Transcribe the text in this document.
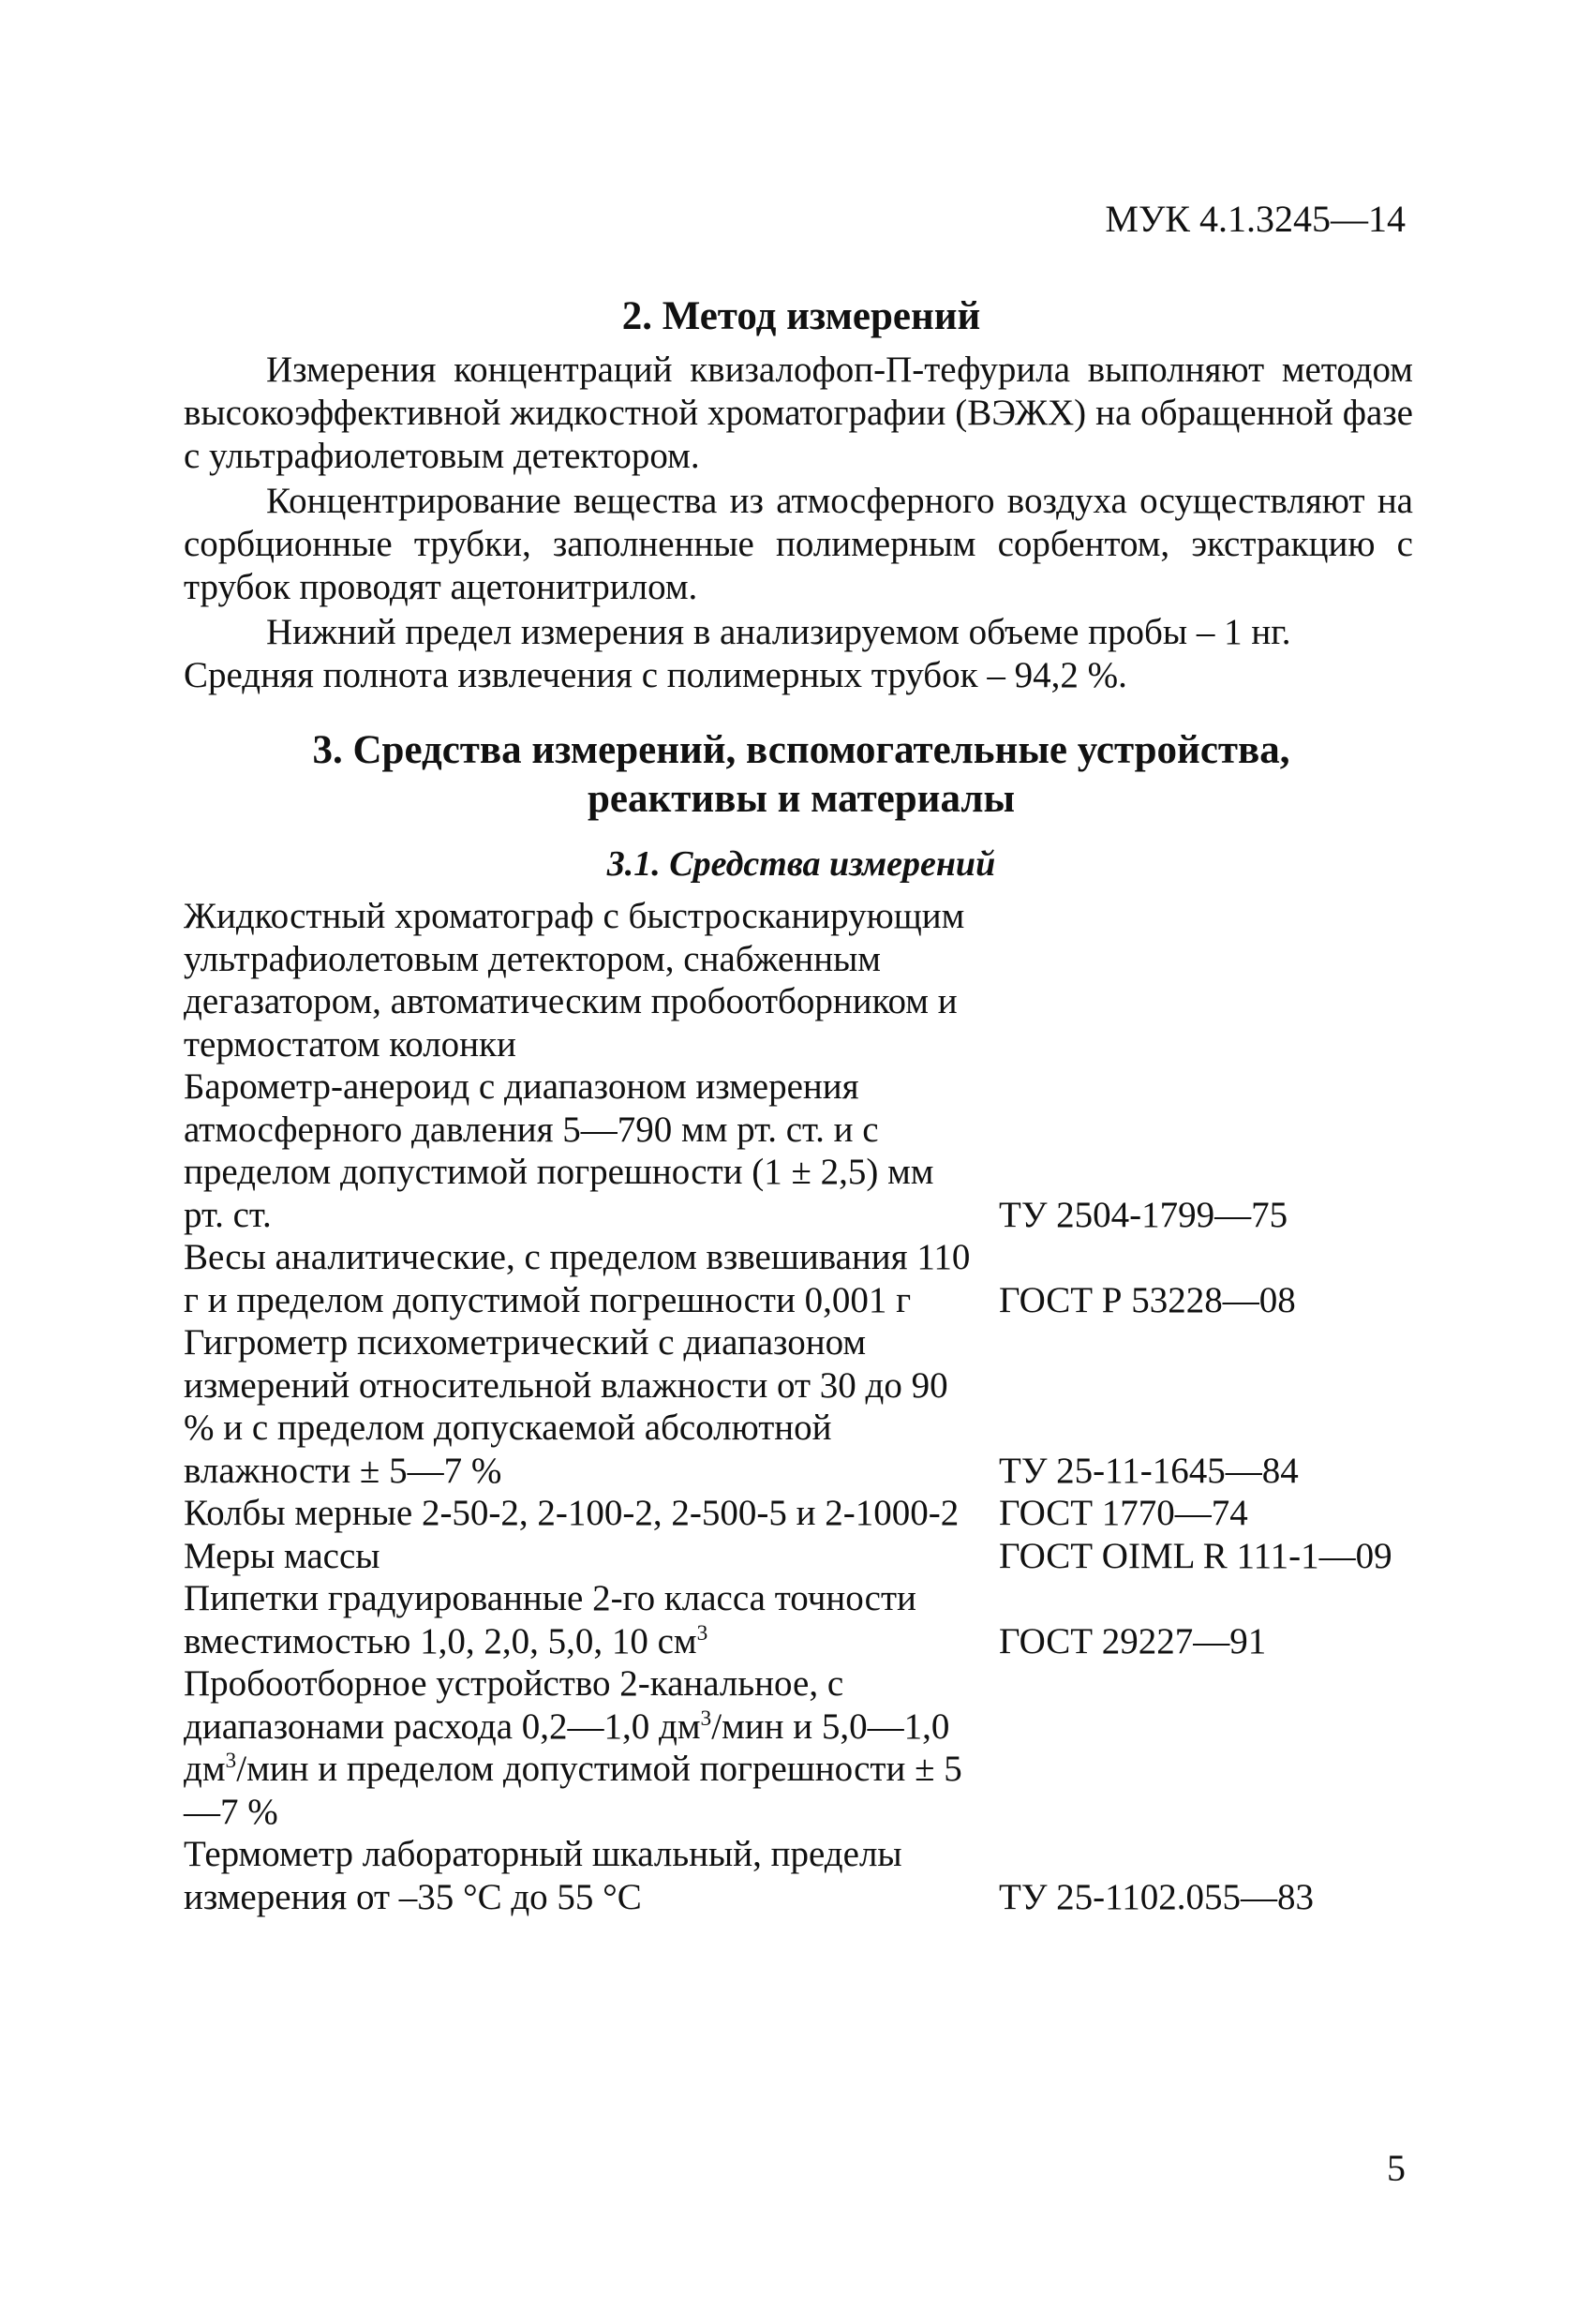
МУК 4.1.3245—14
2. Метод измерений

Измерения концентраций квизалофоп-П-тефурила выполняют методом высокоэффективной жидкостной хроматографии (ВЭЖХ) на обращенной фазе с ультрафиолетовым детектором.

Концентрирование вещества из атмосферного воздуха осуществляют на сорбционные трубки, заполненные полимерным сорбентом, экстракцию с трубок проводят ацетонитрилом.

Нижний предел измерения в анализируемом объеме пробы – 1 нг.

Средняя полнота извлечения с полимерных трубок – 94,2 %.

3. Средства измерений, вспомогательные устройства,
реактивы и материалы
3.1. Средства измерений

Жидкостный хроматограф с быстросканирующим ультрафиолетовым детектором, снабженным дегазатором, автоматическим пробоотборником и термостатом колонки

Барометр-анероид с диапазоном измерения атмосферного давления 5—790 мм рт. ст. и с пределом допустимой погрешности (1 ± 2,5) мм рт. ст.	ТУ 2504-1799—75

Весы аналитические, с пределом взвешивания 110 г и пределом допустимой погрешности 0,001 г	ГОСТ Р 53228—08

Гигрометр психометрический с диапазоном измерений относительной влажности от 30 до 90 % и с пределом допускаемой абсолютной влажности ± 5—7 %	ТУ 25-11-1645—84

Колбы мерные 2-50-2, 2-100-2, 2-500-5 и 2-1000-2	ГОСТ 1770—74

Меры массы	ГОСТ OIML R 111-1—09

Пипетки градуированные 2-го класса точности вместимостью 1,0, 2,0, 5,0, 10 $см^3$	ГОСТ 29227—91

Пробоотборное устройство 2-канальное, с диапазонами расхода 0,2—1,0 $дм^3$/мин и 5,0—1,0 $дм^3$/мин и пределом допустимой погрешности ± 5—7 %

Термометр лабораторный шкальный, пределы измерения от –35 °С до 55 °С	ТУ 25-1102.055—83
5
